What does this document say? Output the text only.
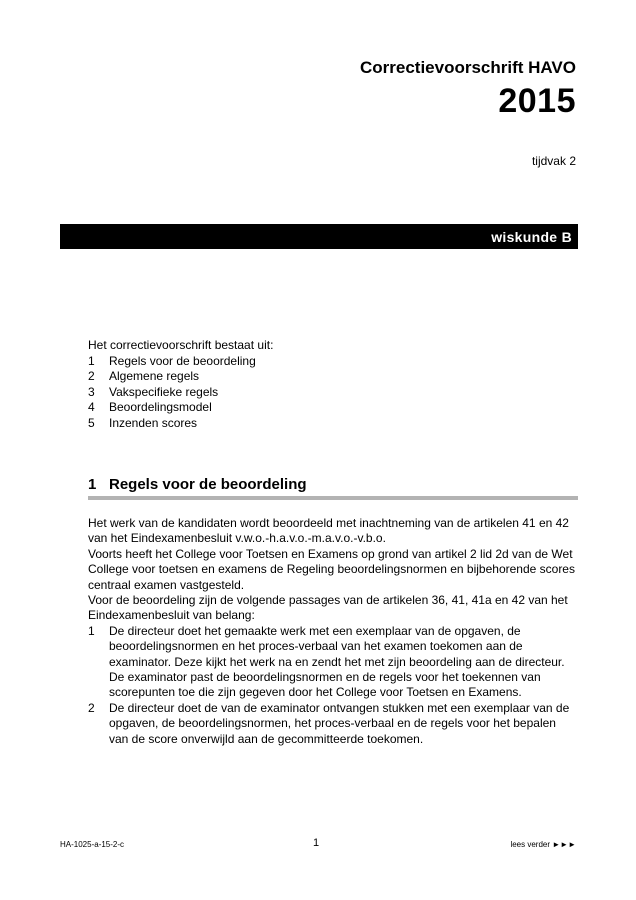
Correctievoorschrift HAVO
2015
tijdvak 2
wiskunde B
Het correctievoorschrift bestaat uit:
1	Regels voor de beoordeling
2	Algemene regels
3	Vakspecifieke regels
4	Beoordelingsmodel
5	Inzenden scores
1 Regels voor de beoordeling

Het werk van de kandidaten wordt beoordeeld met inachtneming van de artikelen 41 en 42 van het Eindexamenbesluit v.w.o.-h.a.v.o.-m.a.v.o.-v.b.o.

Voorts heeft het College voor Toetsen en Examens op grond van artikel 2 lid 2d van de Wet College voor toetsen en examens de Regeling beoordelingsnormen en bijbehorende scores centraal examen vastgesteld.

Voor de beoordeling zijn de volgende passages van de artikelen 36, 41, 41a en 42 van het Eindexamenbesluit van belang:

1	De directeur doet het gemaakte werk met een exemplaar van de opgaven, de beoordelingsnormen en het proces-verbaal van het examen toekomen aan de examinator. Deze kijkt het werk na en zendt het met zijn beoordeling aan de directeur. De examinator past de beoordelingsnormen en de regels voor het toekennen van scorepunten toe die zijn gegeven door het College voor Toetsen en Examens.
2	De directeur doet de van de examinator ontvangen stukken met een exemplaar van de opgaven, de beoordelingsnormen, het proces-verbaal en de regels voor het bepalen van de score onverwijld aan de gecommitteerde toekomen.
HA-1025-a-15-2-c	1	lees verder ►►►
